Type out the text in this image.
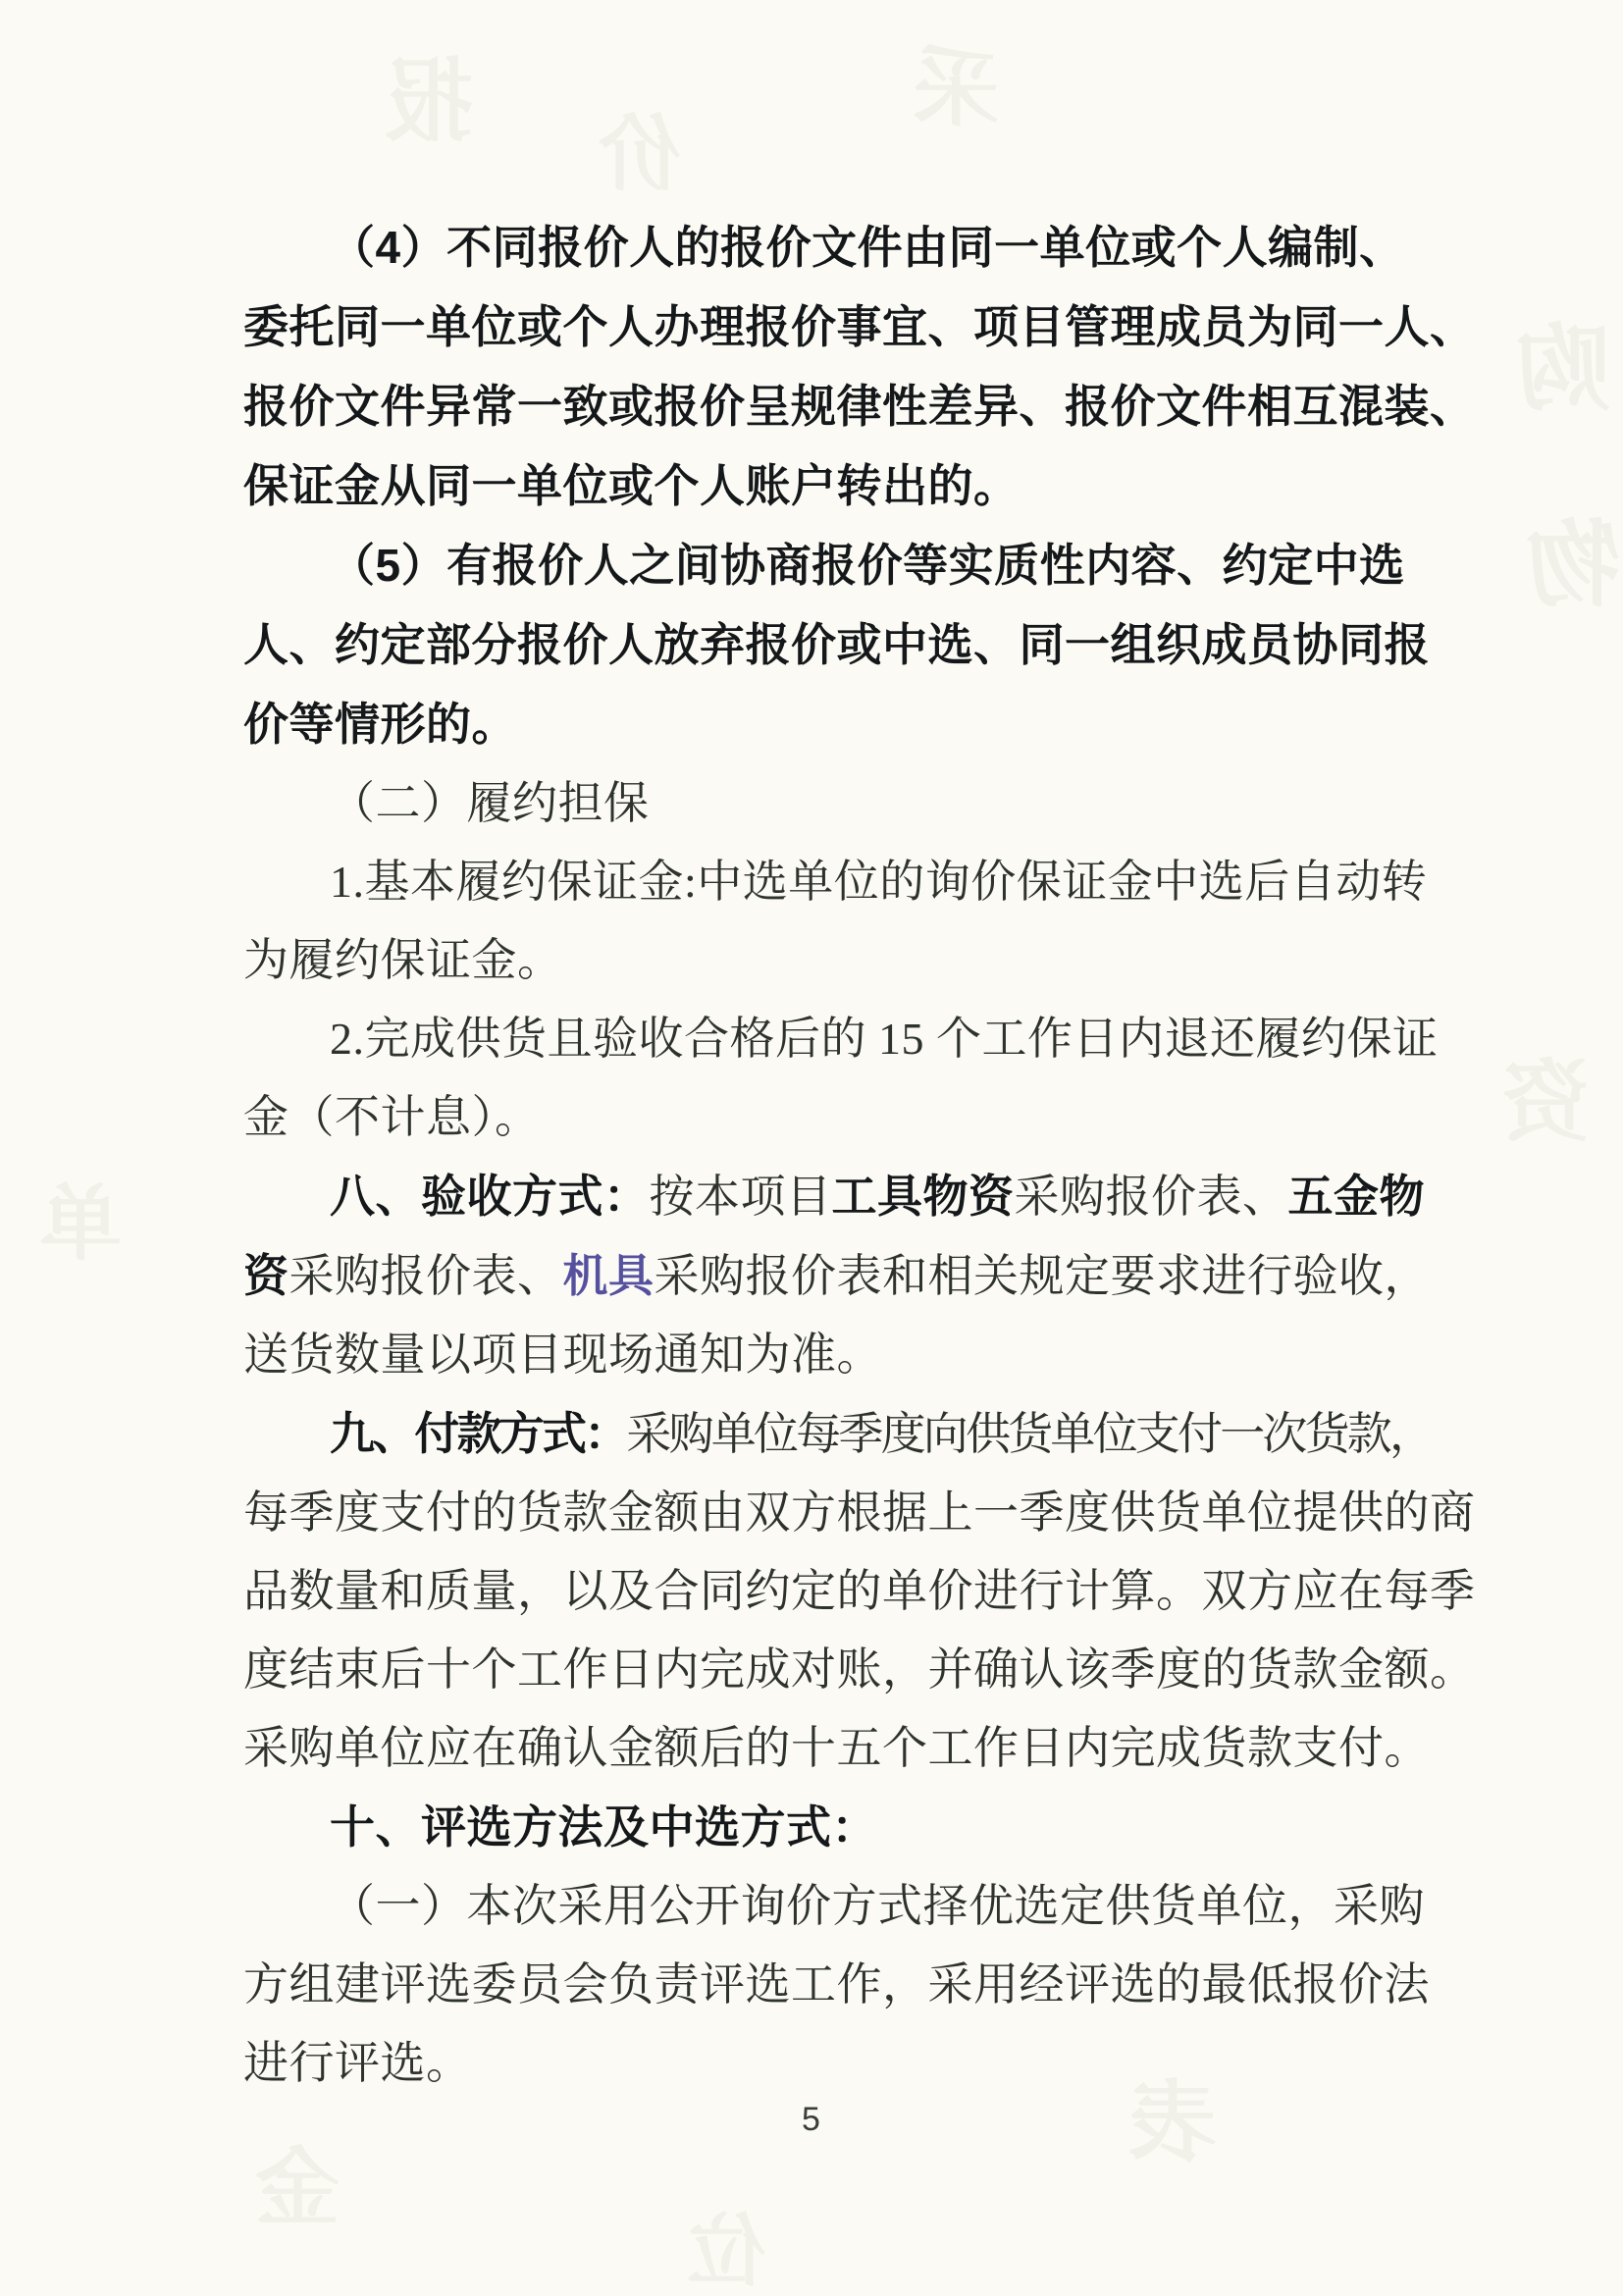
报
价
采
购
物
资
金
表
单
位

（4）不同报价人的报价文件由同一单位或个人编制、

委托同一单位或个人办理报价事宜、项目管理成员为同一人、

报价文件异常一致或报价呈规律性差异、报价文件相互混装、

保证金从同一单位或个人账户转出的。

（5）有报价人之间协商报价等实质性内容、约定中选

人、约定部分报价人放弃报价或中选、同一组织成员协同报

价等情形的。

（二）履约担保

1.基本履约保证金:中选单位的询价保证金中选后自动转

为履约保证金。

2.完成供货且验收合格后的 15 个工作日内退还履约保证

金（不计息）。

八、验收方式：按本项目工具物资采购报价表、五金物

资采购报价表、机具采购报价表和相关规定要求进行验收，

送货数量以项目现场通知为准。

九、付款方式：采购单位每季度向供货单位支付一次货款，

每季度支付的货款金额由双方根据上一季度供货单位提供的商

品数量和质量，以及合同约定的单价进行计算。双方应在每季

度结束后十个工作日内完成对账，并确认该季度的货款金额。

采购单位应在确认金额后的十五个工作日内完成货款支付。

十、评选方法及中选方式：

（一）本次采用公开询价方式择优选定供货单位，采购

方组建评选委员会负责评选工作，采用经评选的最低报价法

进行评选。

5
